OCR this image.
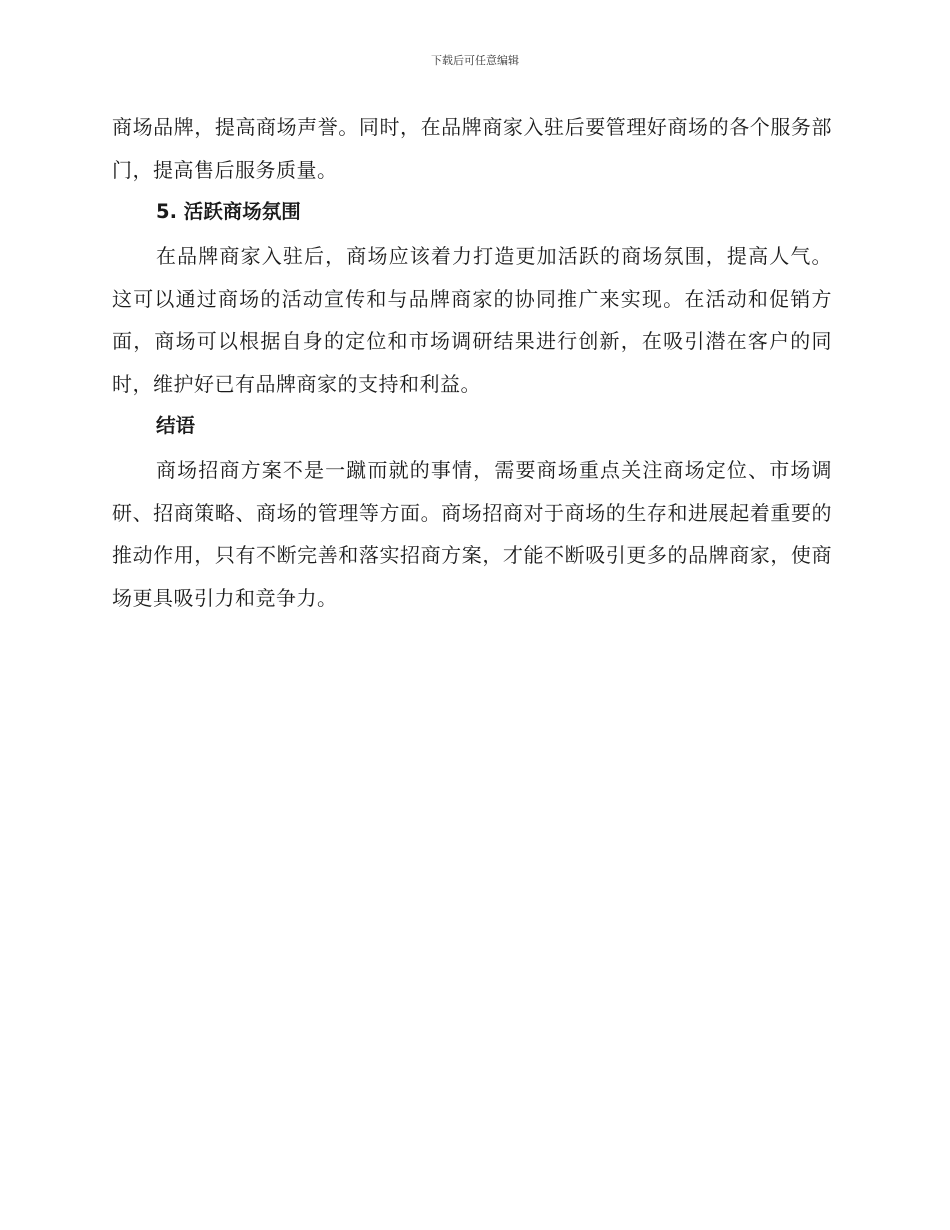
下载后可任意编辑

商场品牌，提高商场声誉。同时，在品牌商家入驻后要管理好商场的各个服务部门，提高售后服务质量。

5. 活跃商场氛围

在品牌商家入驻后，商场应该着力打造更加活跃的商场氛围，提高人气。这可以通过商场的活动宣传和与品牌商家的协同推广来实现。在活动和促销方面，商场可以根据自身的定位和市场调研结果进行创新，在吸引潜在客户的同时，维护好已有品牌商家的支持和利益。

结语

商场招商方案不是一蹴而就的事情，需要商场重点关注商场定位、市场调研、招商策略、商场的管理等方面。商场招商对于商场的生存和进展起着重要的推动作用，只有不断完善和落实招商方案，才能不断吸引更多的品牌商家，使商场更具吸引力和竞争力。
